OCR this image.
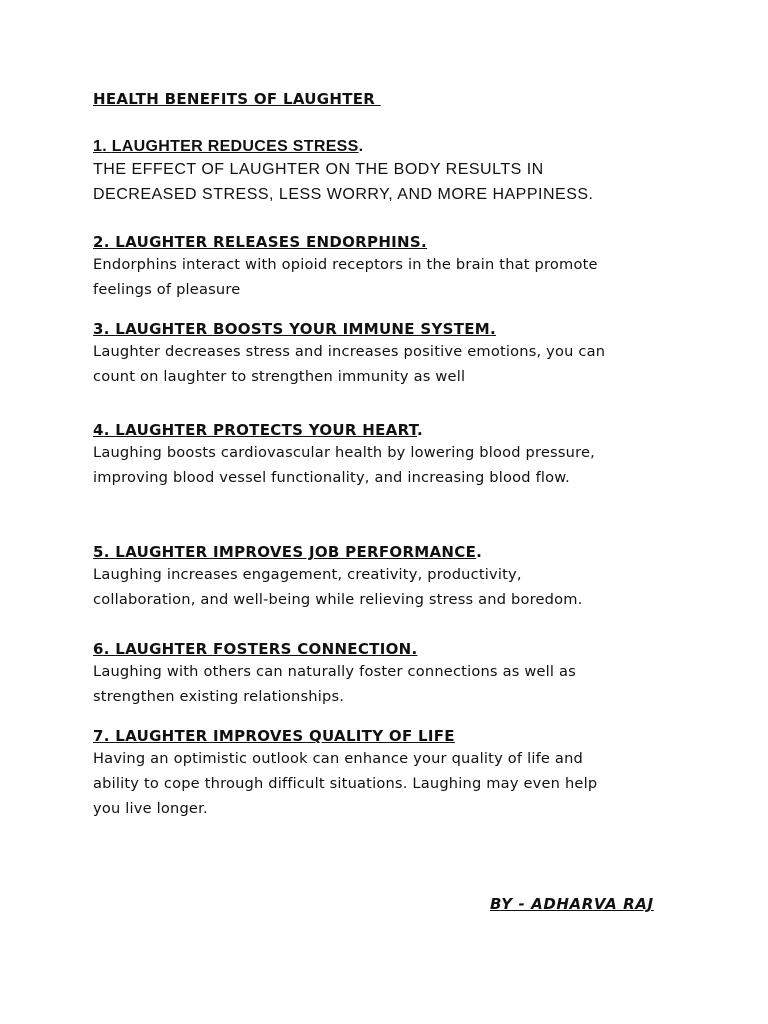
HEALTH BENEFITS OF LAUGHTER
1. LAUGHTER REDUCES STRESS.
THE EFFECT OF LAUGHTER ON THE BODY RESULTS IN
DECREASED STRESS, LESS WORRY, AND MORE HAPPINESS.
2. LAUGHTER RELEASES ENDORPHINS.
Endorphins interact with opioid receptors in the brain that promote
feelings of pleasure
3. LAUGHTER BOOSTS YOUR IMMUNE SYSTEM.
Laughter decreases stress and increases positive emotions, you can
count on laughter to strengthen immunity as well
4. LAUGHTER PROTECTS YOUR HEART.
Laughing boosts cardiovascular health by lowering blood pressure,
improving blood vessel functionality, and increasing blood flow.
5. LAUGHTER IMPROVES JOB PERFORMANCE.
Laughing increases engagement, creativity, productivity,
collaboration, and well-being while relieving stress and boredom.
6. LAUGHTER FOSTERS CONNECTION.
Laughing with others can naturally foster connections as well as
strengthen existing relationships.
7. LAUGHTER IMPROVES QUALITY OF LIFE
Having an optimistic outlook can enhance your quality of life and
ability to cope through difficult situations. Laughing may even help
you live longer.
BY - ADHARVA RAJ
